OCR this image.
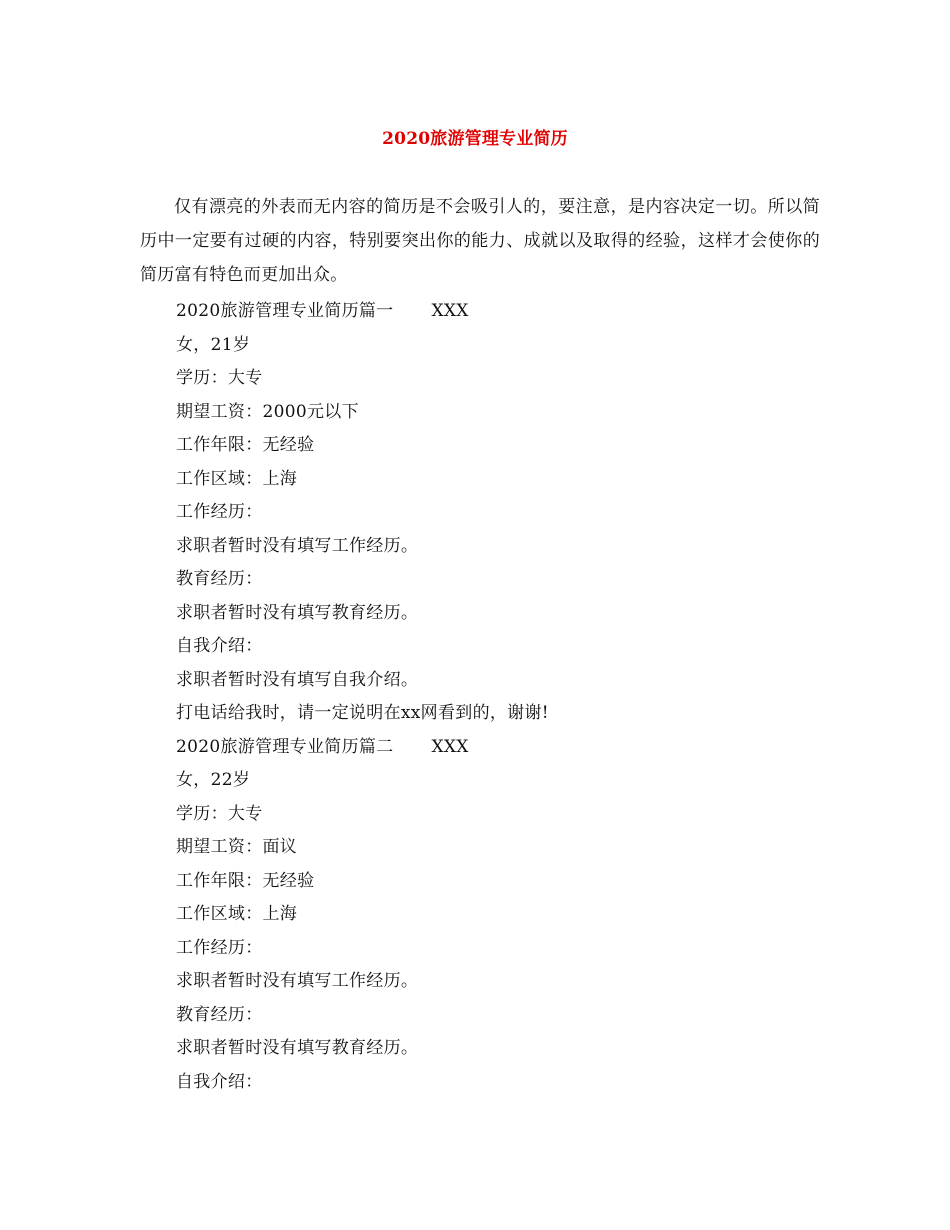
2020旅游管理专业简历

仅有漂亮的外表而无内容的简历是不会吸引人的，要注意，是内容决定一切。所以简历中一定要有过硬的内容，特别要突出你的能力、成就以及取得的经验，这样才会使你的简历富有特色而更加出众。

2020旅游管理专业简历篇一 XXX
女，21岁
学历：大专
期望工资：2000元以下
工作年限：无经验
工作区域：上海
工作经历：
求职者暂时没有填写工作经历。
教育经历：
求职者暂时没有填写教育经历。
自我介绍：
求职者暂时没有填写自我介绍。
打电话给我时，请一定说明在xx网看到的，谢谢!
2020旅游管理专业简历篇二 XXX
女，22岁
学历：大专
期望工资：面议
工作年限：无经验
工作区域：上海
工作经历：
求职者暂时没有填写工作经历。
教育经历：
求职者暂时没有填写教育经历。
自我介绍：
